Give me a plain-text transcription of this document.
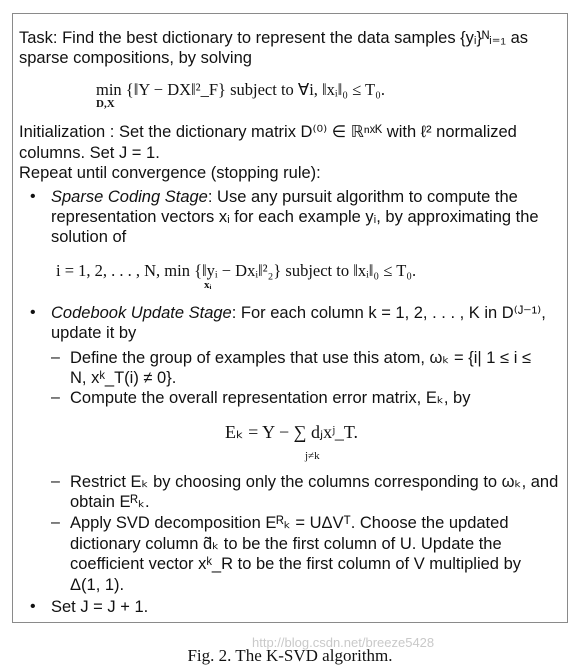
Task: Find the best dictionary to represent the data samples {yᵢ}ᴺᵢ₌₁ as
sparse compositions, by solving
min {‖Y − DX‖²_F} subject to ∀i, ‖xᵢ‖₀ ≤ T₀.
D,X
Initialization : Set the dictionary matrix D⁽⁰⁾ ∈ ℝⁿˣᴷ with ℓ² normalized
columns. Set J = 1.
Repeat until convergence (stopping rule):
• Sparse Coding Stage: Use any pursuit algorithm to compute the
representation vectors xᵢ for each example yᵢ, by approximating the
solution of
i = 1, 2, . . . , N, min {‖yᵢ − Dxᵢ‖²₂} subject to ‖xᵢ‖₀ ≤ T₀.
xᵢ
• Codebook Update Stage: For each column k = 1, 2, . . . , K in D⁽ᴶ⁻¹⁾,
update it by
– Define the group of examples that use this atom, ωₖ = {i| 1 ≤ i ≤
N, xᵏ_T(i) ≠ 0}.
– Compute the overall representation error matrix, Eₖ, by
Eₖ = Y − ∑ dⱼxʲ_T.
j≠k
– Restrict Eₖ by choosing only the columns corresponding to ωₖ, and
obtain Eᴿₖ.
– Apply SVD decomposition Eᴿₖ = UΔVᵀ. Choose the updated
dictionary column d̃ₖ to be the first column of U. Update the
coefficient vector xᵏ_R to be the first column of V multiplied by
Δ(1, 1).
• Set J = J + 1.
http://blog.csdn.net/breeze5428
Fig. 2. The K-SVD algorithm.
